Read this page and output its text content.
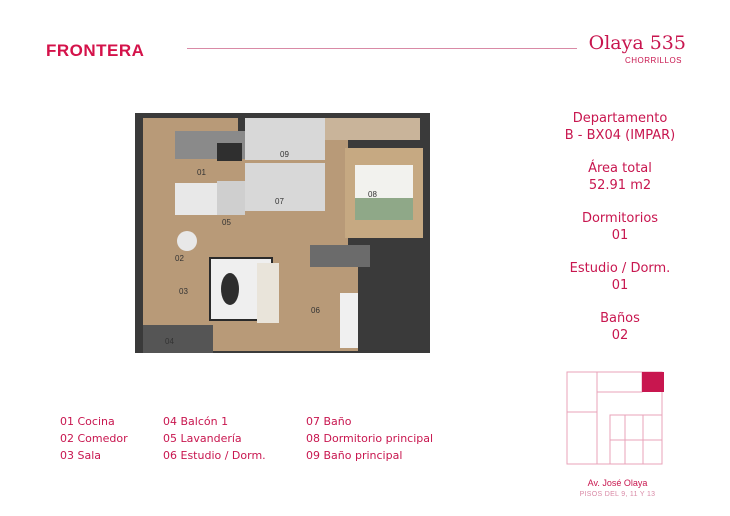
FRONTERA	Olaya 535
CHORRILLOS
01
02
03
04
05
06
07
08
09
Departamento
B - BX04 (IMPAR)
Área total
52.91 m2
Dormitorios
01
Estudio / Dorm.
01
Baños
02
01 Cocina	04 Balcón 1	07 Baño
02 Comedor	05 Lavandería	08 Dormitorio principal
03 Sala	06 Estudio / Dorm.	09 Baño principal
Av. José Olaya
PISOS DEL 9, 11 Y 13
